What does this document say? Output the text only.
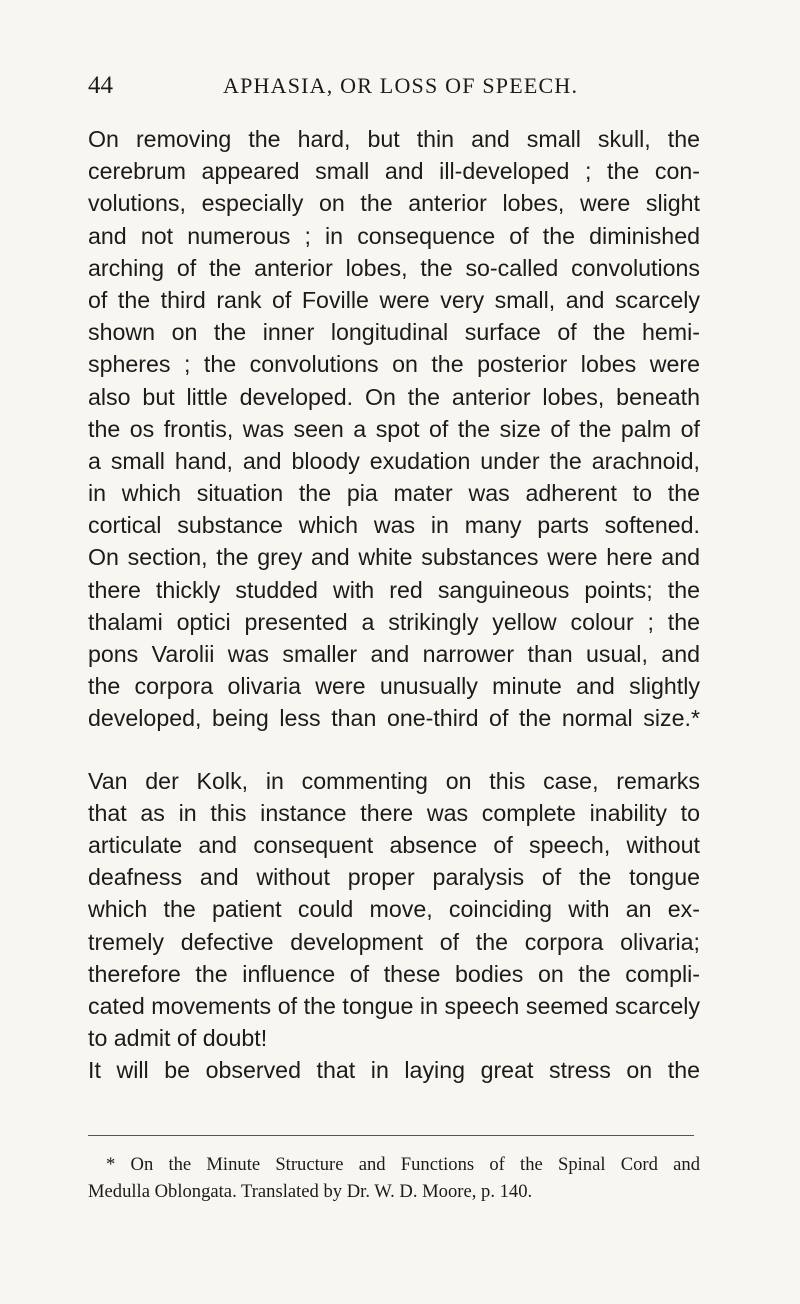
44	APHASIA, OR LOSS OF SPEECH.
On removing the hard, but thin and small skull, the
cerebrum appeared small and ill-developed ; the con-
volutions, especially on the anterior lobes, were slight
and not numerous ; in consequence of the diminished
arching of the anterior lobes, the so-called convolutions
of the third rank of Foville were very small, and scarcely
shown on the inner longitudinal surface of the hemi-
spheres ; the convolutions on the posterior lobes were
also but little developed. On the anterior lobes, beneath
the os frontis, was seen a spot of the size of the palm of
a small hand, and bloody exudation under the arachnoid,
in which situation the pia mater was adherent to the
cortical substance which was in many parts softened.
On section, the grey and white substances were here and
there thickly studded with red sanguineous points; the
thalami optici presented a strikingly yellow colour ; the
pons Varolii was smaller and narrower than usual, and
the corpora olivaria were unusually minute and slightly
developed, being less than one-third of the normal size.*
Van der Kolk, in commenting on this case, remarks
that as in this instance there was complete inability to
articulate and consequent absence of speech, without
deafness and without proper paralysis of the tongue
which the patient could move, coinciding with an ex-
tremely defective development of the corpora olivaria;
therefore the influence of these bodies on the compli-
cated movements of the tongue in speech seemed scarcely
to admit of doubt!
It will be observed that in laying great stress on the
* On the Minute Structure and Functions of the Spinal Cord and
Medulla Oblongata. Translated by Dr. W. D. Moore, p. 140.
